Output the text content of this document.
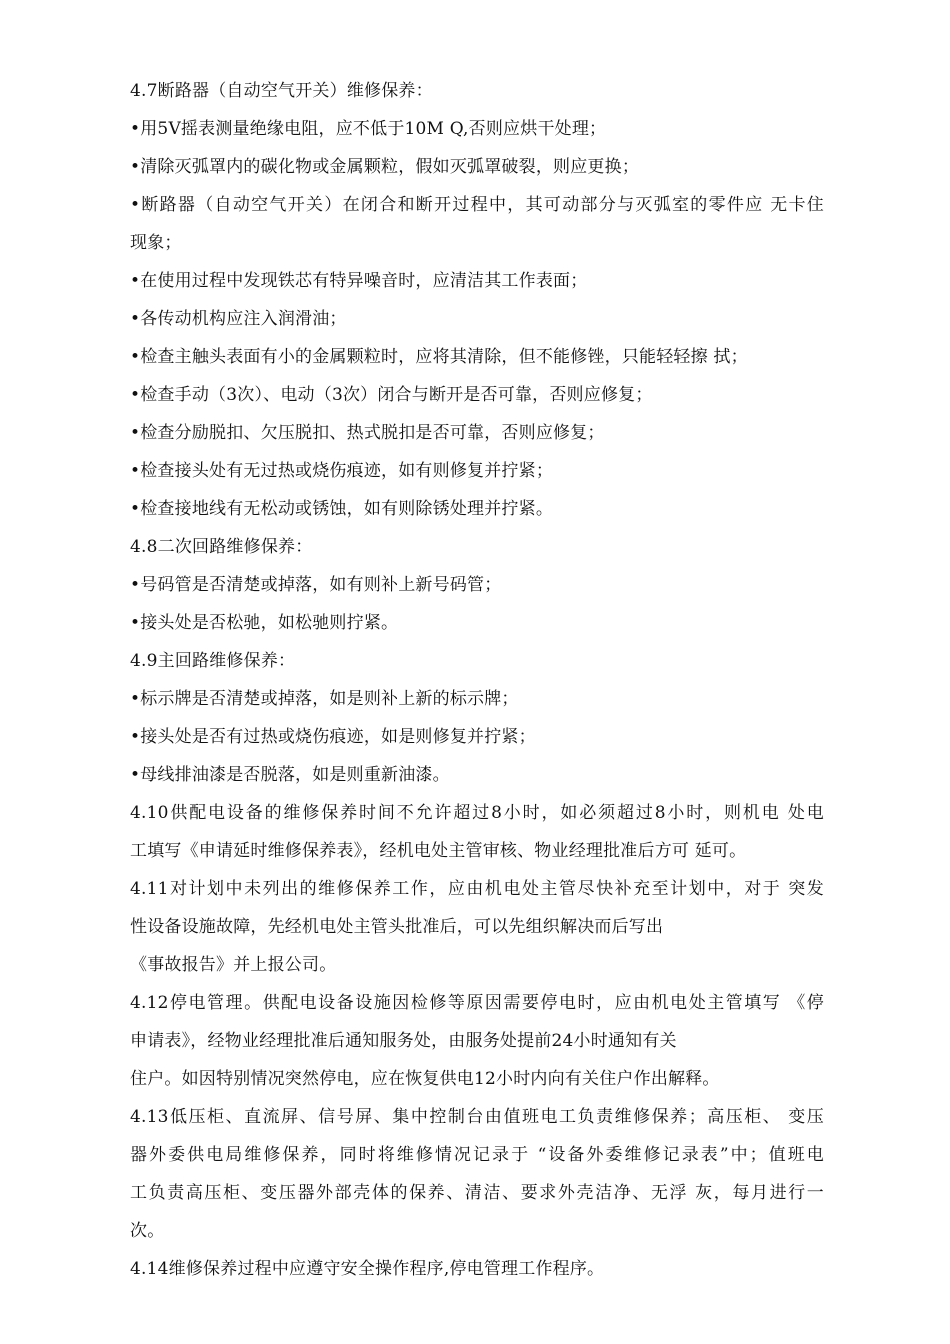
4.7断路器（自动空气开关）维修保养：
•用5V摇表测量绝缘电阻，应不低于10M Q,否则应烘干处理；
•清除灭弧罩内的碳化物或金属颗粒，假如灭弧罩破裂，则应更换；
•断路器（自动空气开关）在闭合和断开过程中，其可动部分与灭弧室的零件应 无卡住
现象；
•在使用过程中发现铁芯有特异噪音时，应清洁其工作表面；
•各传动机构应注入润滑油；
•检查主触头表面有小的金属颗粒时，应将其清除，但不能修锉，只能轻轻擦 拭；
•检查手动（3次）、电动（3次）闭合与断开是否可靠，否则应修复；
•检查分励脱扣、欠压脱扣、热式脱扣是否可靠，否则应修复；
•检查接头处有无过热或烧伤痕迹，如有则修复并拧紧；
•检查接地线有无松动或锈蚀，如有则除锈处理并拧紧。
4.8二次回路维修保养：
•号码管是否清楚或掉落，如有则补上新号码管；
•接头处是否松驰，如松驰则拧紧。
4.9主回路维修保养：
•标示牌是否清楚或掉落，如是则补上新的标示牌；
•接头处是否有过热或烧伤痕迹，如是则修复并拧紧；
•母线排油漆是否脱落，如是则重新油漆。
4.10供配电设备的维修保养时间不允许超过8小时，如必须超过8小时，则机电 处电
工填写《申请延时维修保养表》，经机电处主管审核、物业经理批准后方可 延可。
4.11对计划中未列出的维修保养工作，应由机电处主管尽快补充至计划中，对于 突发
性设备设施故障，先经机电处主管头批准后，可以先组织解决而后写出
《事故报告》并上报公司。
4.12停电管理。供配电设备设施因检修等原因需要停电时，应由机电处主管填写 《停
申请表》，经物业经理批准后通知服务处，由服务处提前24小时通知有关
住户。如因特别情况突然停电，应在恢复供电12小时内向有关住户作出解释。
4.13低压柜、直流屏、信号屏、集中控制台由值班电工负责维修保养；高压柜、 变压
器外委供电局维修保养，同时将维修情况记录于 “设备外委维修记录表”中；值班电
工负责高压柜、变压器外部壳体的保养、清洁、要求外壳洁净、无浮 灰，每月进行一
次。
4.14维修保养过程中应遵守安全操作程序,停电管理工作程序。
